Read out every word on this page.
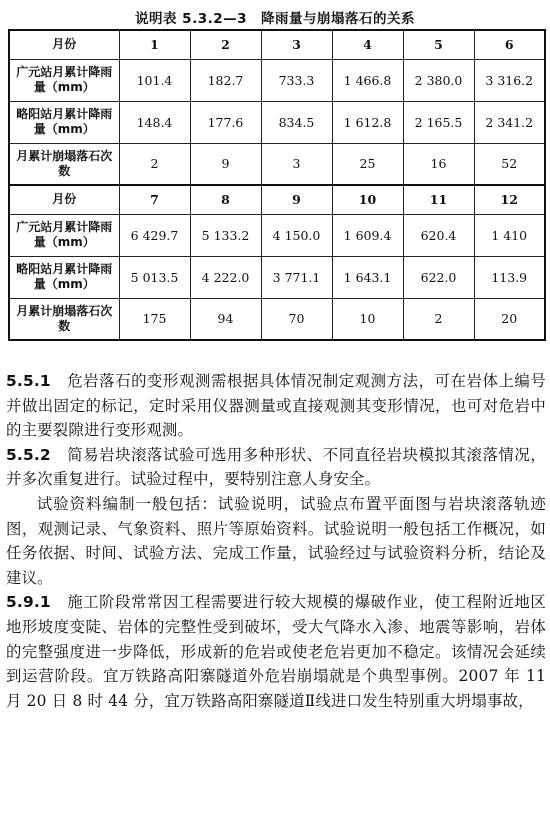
说明表 5.3.2—3　降雨量与崩塌落石的关系
月份	1	2	3	4	5	6
广元站月累计降雨量（mm）	101.4	182.7	733.3	1 466.8	2 380.0	3 316.2
略阳站月累计降雨量（mm）	148.4	177.6	834.5	1 612.8	2 165.5	2 341.2
月累计崩塌落石次数	2	9	3	25	16	52
月份	7	8	9	10	11	12
广元站月累计降雨量（mm）	6 429.7	5 133.2	4 150.0	1 609.4	620.4	1 410
略阳站月累计降雨量（mm）	5 013.5	4 222.0	3 771.1	1 643.1	622.0	113.9
月累计崩塌落石次数	175	94	70	10	2	20

5.5.1　 危岩落石的变形观测需根据具体情况制定观测方法，可在岩体上编号并做出固定的标记，定时采用仪器测量或直接观测其变形情况，也可对危岩中的主要裂隙进行变形观测。

5.5.2　 简易岩块滚落试验可选用多种形状、不同直径岩块模拟其滚落情况，并多次重复进行。试验过程中，要特别注意人身安全。

试验资料编制一般包括：试验说明，试验点布置平面图与岩块滚落轨迹图，观测记录、气象资料、照片等原始资料。试验说明一般包括工作概况，如任务依据、时间、试验方法、完成工作量，试验经过与试验资料分析，结论及建议。

5.9.1　 施工阶段常常因工程需要进行较大规模的爆破作业，使工程附近地区地形坡度变陡、岩体的完整性受到破坏，受大气降水入渗、地震等影响，岩体的完整强度进一步降低，形成新的危岩或使老危岩更加不稳定。该情况会延续到运营阶段。宜万铁路高阳寨隧道外危岩崩塌就是个典型事例。2007 年 11 月 20 日 8 时 44 分，宜万铁路高阳寨隧道Ⅱ线进口发生特别重大坍塌事故，
